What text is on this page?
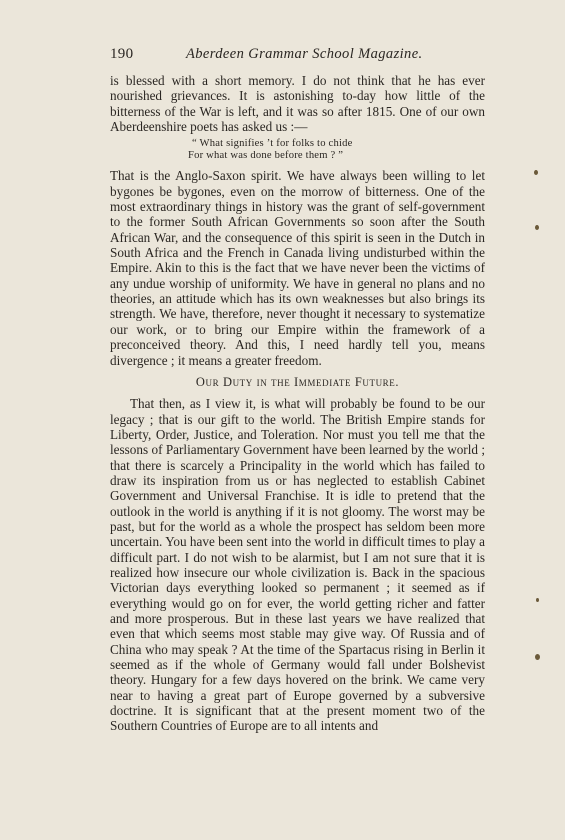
190	Aberdeen Grammar School Magazine.

is blessed with a short memory. I do not think that he has ever nourished grievances. It is astonishing to-day how little of the bitterness of the War is left, and it was so after 1815. One of our own Aberdeenshire poets has asked us :—

“ What signifies ’t for folks to chide
For what was done before them ? ”

That is the Anglo-Saxon spirit. We have always been willing to let bygones be bygones, even on the morrow of bitterness. One of the most extraordinary things in history was the grant of self-government to the former South African Governments so soon after the South African War, and the consequence of this spirit is seen in the Dutch in South Africa and the French in Canada living undisturbed within the Empire. Akin to this is the fact that we have never been the victims of any undue worship of uniformity. We have in general no plans and no theories, an attitude which has its own weaknesses but also brings its strength. We have, therefore, never thought it necessary to systematize our work, or to bring our Empire within the framework of a preconceived theory. And this, I need hardly tell you, means divergence ; it means a greater freedom.

Our Duty in the Immediate Future.

That then, as I view it, is what will probably be found to be our legacy ; that is our gift to the world. The British Empire stands for Liberty, Order, Justice, and Toleration. Nor must you tell me that the lessons of Parliamentary Government have been learned by the world ; that there is scarcely a Principality in the world which has failed to draw its inspiration from us or has neglected to establish Cabinet Government and Universal Franchise. It is idle to pretend that the outlook in the world is anything if it is not gloomy. The worst may be past, but for the world as a whole the prospect has seldom been more uncertain. You have been sent into the world in difficult times to play a difficult part. I do not wish to be alarmist, but I am not sure that it is realized how insecure our whole civilization is. Back in the spacious Victorian days everything looked so permanent ; it seemed as if everything would go on for ever, the world getting richer and fatter and more prosperous. But in these last years we have realized that even that which seems most stable may give way. Of Russia and of China who may speak ? At the time of the Spartacus rising in Berlin it seemed as if the whole of Germany would fall under Bolshevist theory. Hungary for a few days hovered on the brink. We came very near to having a great part of Europe governed by a subversive doctrine. It is significant that at the present moment two of the Southern Countries of Europe are to all intents and
